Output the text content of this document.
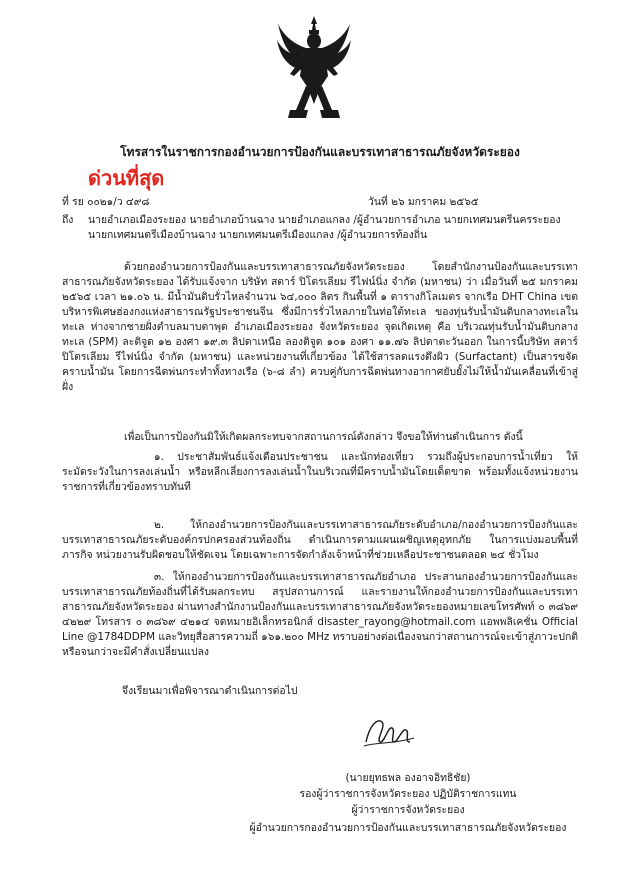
โทรสารในราชการกองอำนวยการป้องกันและบรรเทาสาธารณภัยจังหวัดระยอง
ด่วนที่สุด
ที่ รย ๐๐๒๑/ว ๔๙๘	วันที่ ๒๖ มกราคม ๒๕๖๕
ถึง นายอำเภอเมืองระยอง นายอำเภอบ้านฉาง นายอำเภอแกลง /ผู้อำนวยการอำเภอ นายกเทศมนตรีนครระยอง นายกเทศมนตรีเมืองบ้านฉาง นายกเทศมนตรีเมืองแกลง /ผู้อำนวยการท้องถิ่น
ด้วยกองอำนวยการป้องกันและบรรเทาสาธารณภัยจังหวัดระยอง โดยสำนักงานป้องกันและบรรเทาสาธารณภัยจังหวัดระยอง ได้รับแจ้งจาก บริษัท สตาร์ ปิโตรเลียม รีไฟน์นิ่ง จำกัด (มหาชน) ว่า เมื่อวันที่ ๒๕ มกราคม ๒๕๖๕ เวลา ๒๑.๐๖ น. มีน้ำมันดิบรั่วไหลจำนวน ๖๔,๐๐๐ ลิตร กินพื้นที่ ๑ ตารางกิโลเมตร จากเรือ DHT China เขตบริหารพิเศษฮ่องกงแห่งสาธารณรัฐประชาชนจีน ซึ่งมีการรั่วไหลภายในท่อใต้ทะเล ของทุ่นรับน้ำมันดิบกลางทะเลในทะเล ห่างจากชายฝั่งตำบลมาบตาพุด อำเภอเมืองระยอง จังหวัดระยอง จุดเกิดเหตุ คือ บริเวณทุ่นรับน้ำมันดิบกลางทะเล (SPM) ละติจูด ๑๒ องศา ๑๙.๓ ลิปดาเหนือ ลองติจูด ๑๐๑ องศา ๑๑.๗๖ ลิปดาตะวันออก ในการนี้บริษัท สตาร์ ปิโตรเลียม รีไฟน์นิ่ง จำกัด (มหาชน) และหน่วยงานที่เกี่ยวข้อง ได้ใช้สารลดแรงตึงผิว (Surfactant) เป็นสารขจัดคราบน้ำมัน โดยการฉีดพ่นกระทำทั้งทางเรือ (๖-๘ ลำ) ควบคู่กับการฉีดพ่นทางอากาศยับยั้งไม่ให้น้ำมันเคลื่อนที่เข้าสู่ฝั่ง
เพื่อเป็นการป้องกันมิให้เกิดผลกระทบจากสถานการณ์ดังกล่าว จึงขอให้ท่านดำเนินการ ดังนี้
๑. ประชาสัมพันธ์แจ้งเตือนประชาชน และนักท่องเที่ยว รวมถึงผู้ประกอบการน้ำเที่ยว ให้ระมัดระวังในการลงเล่นน้ำ หรือหลีกเลี่ยงการลงเล่นน้ำในบริเวณที่มีคราบน้ำมันโดยเด็ดขาด พร้อมทั้งแจ้งหน่วยงานราชการที่เกี่ยวข้องทราบทันที
๒. ให้กองอำนวยการป้องกันและบรรเทาสาธารณภัยระดับอำเภอ/กองอำนวยการป้องกันและบรรเทาสาธารณภัยระดับองค์กรปกครองส่วนท้องถิ่น ดำเนินการตามแผนเผชิญเหตุอุทกภัย ในการแบ่งมอบพื้นที่ ภารกิจ หน่วยงานรับผิดชอบให้ชัดเจน โดยเฉพาะการจัดกำลังเจ้าหน้าที่ช่วยเหลือประชาชนตลอด ๒๔ ชั่วโมง
๓. ให้กองอำนวยการป้องกันและบรรเทาสาธารณภัยอำเภอ ประสานกองอำนวยการป้องกันและบรรเทาสาธารณภัยท้องถิ่นที่ได้รับผลกระทบ สรุปสถานการณ์ และรายงานให้กองอำนวยการป้องกันและบรรเทาสาธารณภัยจังหวัดระยอง ผ่านทางสำนักงานป้องกันและบรรเทาสาธารณภัยจังหวัดระยองหมายเลขโทรศัพท์ ๐ ๓๘๖๙ ๔๒๒๙ โทรสาร ๐ ๓๘๖๙ ๔๒๑๔ จดหมายอิเล็กทรอนิกส์ disaster_rayong@hotmail.com แอพพลิเคชั่น Official Line @1784DDPM และวิทยุสื่อสารความถี่ ๑๖๑.๒๐๐ MHz ทราบอย่างต่อเนื่องจนกว่าสถานการณ์จะเข้าสู่ภาวะปกติ หรือจนกว่าจะมีคำสั่งเปลี่ยนแปลง
จึงเรียนมาเพื่อพิจารณาดำเนินการต่อไป
(นายยุทธพล องอาจอิทธิชัย)
รองผู้ว่าราชการจังหวัดระยอง ปฏิบัติราชการแทน
ผู้ว่าราชการจังหวัดระยอง
ผู้อำนวยการกองอำนวยการป้องกันและบรรเทาสาธารณภัยจังหวัดระยอง
